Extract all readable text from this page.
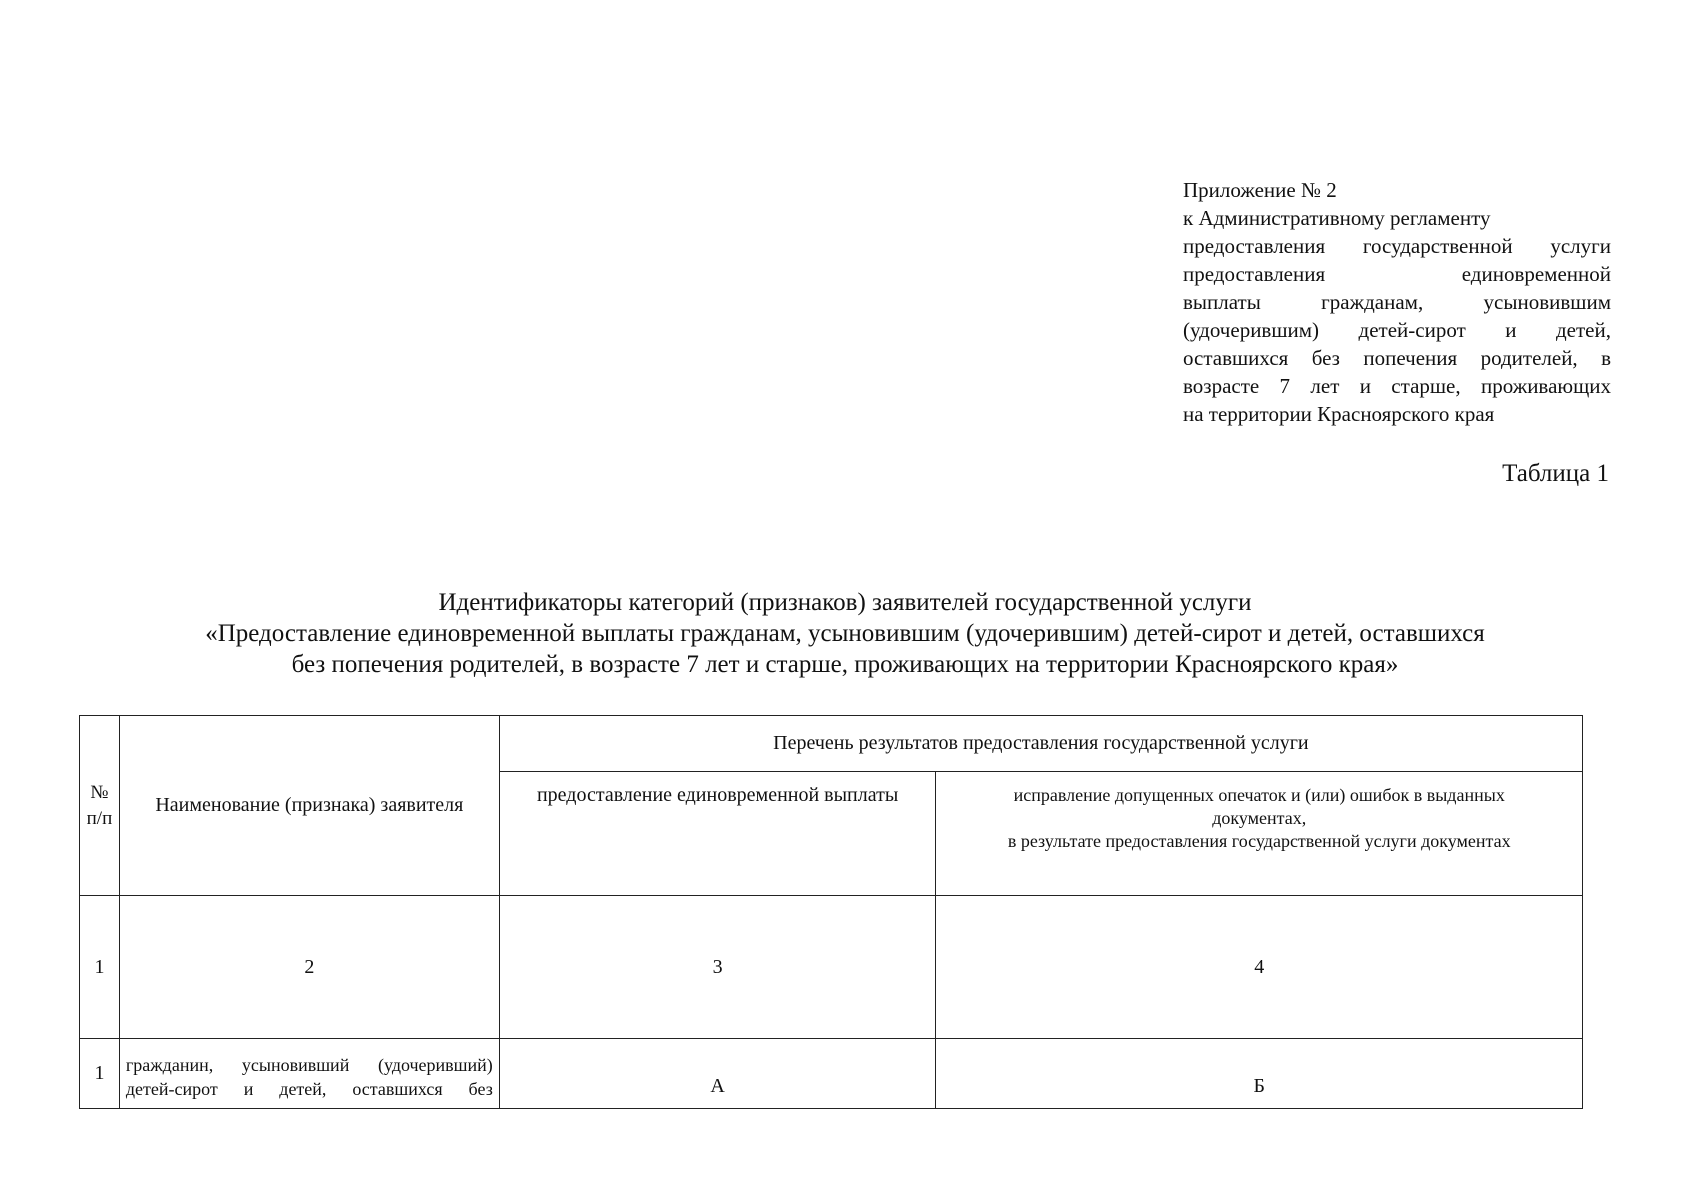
Приложение № 2
к Административному регламенту
предоставления государственной услуги
предоставления единовременной
выплаты гражданам, усыновившим
(удочерившим) детей-сирот и детей,
оставшихся без попечения родителей, в
возрасте 7 лет и старше, проживающих
на территории Красноярского края
Таблица 1
Идентификаторы категорий (признаков) заявителей государственной услуги
«Предоставление единовременной выплаты гражданам, усыновившим (удочерившим) детей-сирот и детей, оставшихся
без попечения родителей, в возрасте 7 лет и старше, проживающих на территории Красноярского края»
№
п/п	Наименование (признака) заявителя	Перечень результатов предоставления государственной услуги	
		предоставление единовременной выплаты	исправление допущенных опечаток и (или) ошибок в выданных
документах,
в результате предоставления государственной услуги документах

1	2	3	4
1	гражданин, усыновивший (удочеривший) детей-сирот и детей, оставшихся без	А	Б
